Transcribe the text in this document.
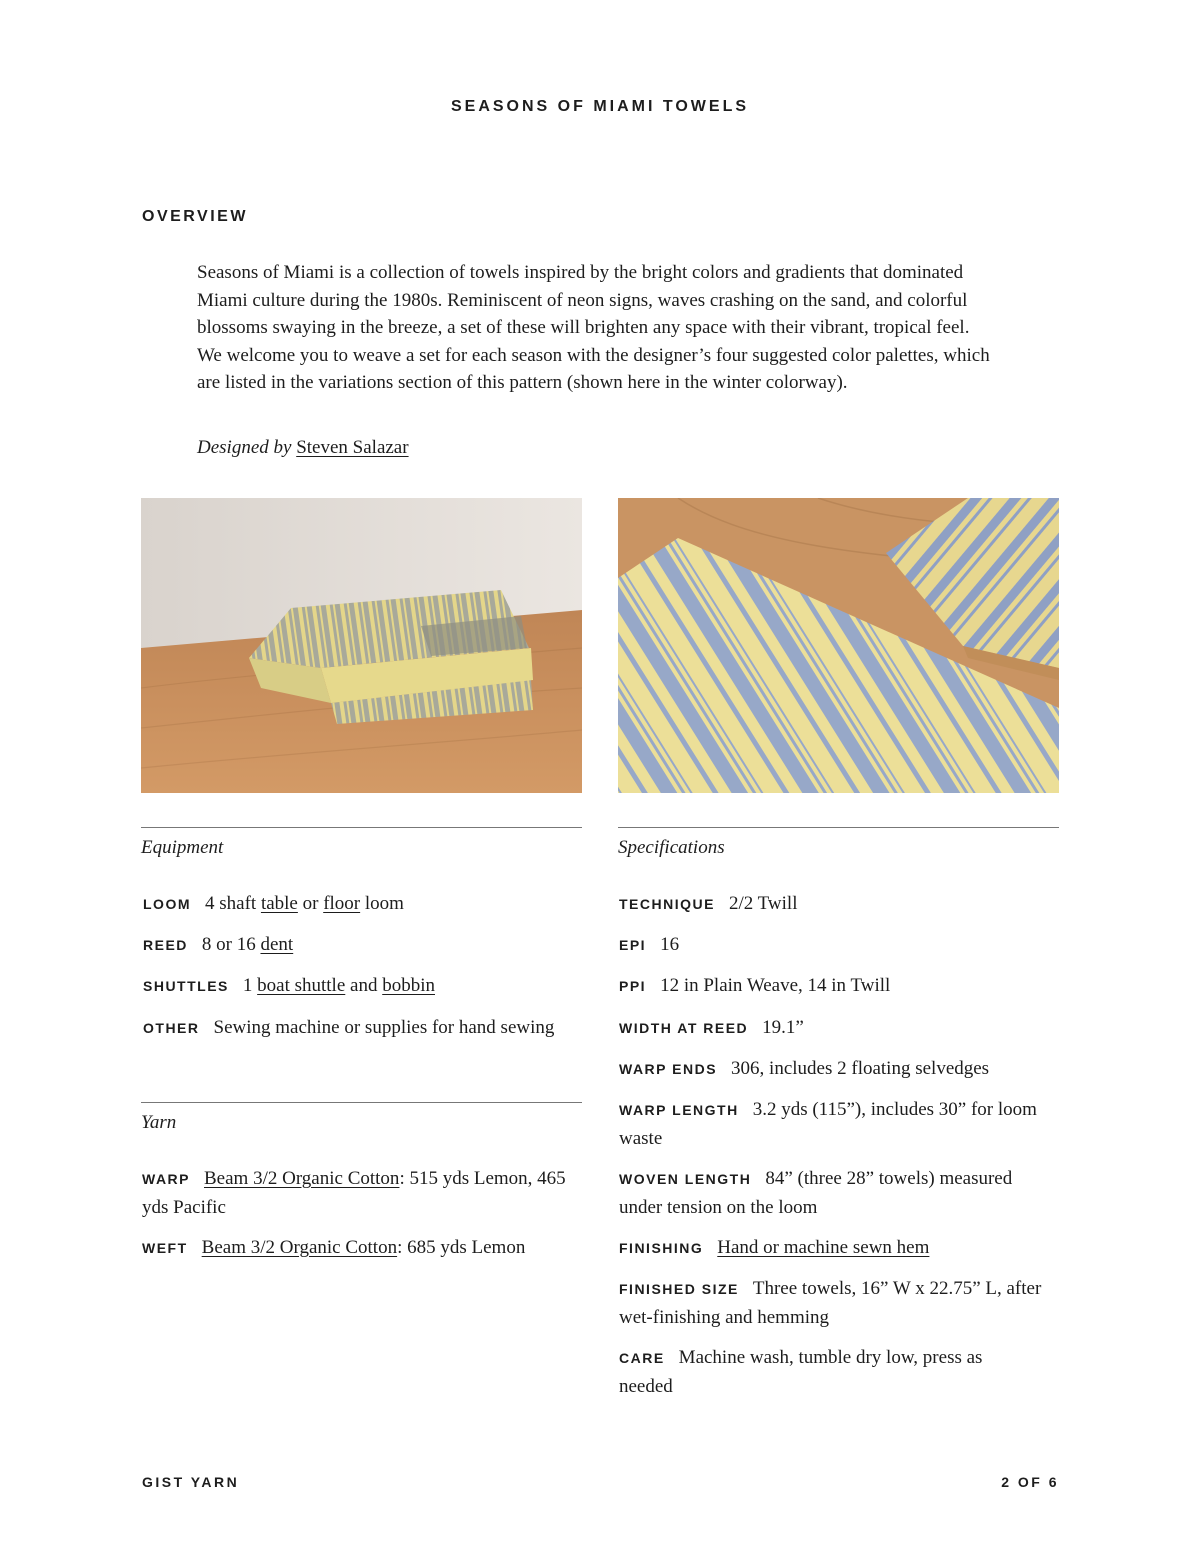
SEASONS OF MIAMI TOWELS
OVERVIEW

Seasons of Miami is a collection of towels inspired by the bright colors and gradients that dominated Miami culture during the 1980s. Reminiscent of neon signs, waves crashing on the sand, and colorful blossoms swaying in the breeze, a set of these will brighten any space with their vibrant, tropical feel. We welcome you to weave a set for each season with the designer’s four suggested color palettes, which are listed in the variations section of this pattern (shown here in the winter colorway).

Designed by Steven Salazar

Equipment

LOOM 4 shaft table or floor loom

REED 8 or 16 dent

SHUTTLES 1 boat shuttle and bobbin

OTHER Sewing machine or supplies for hand sewing

Yarn

WARP Beam 3/2 Organic Cotton: 515 yds Lemon, 465 yds Pacific

WEFT Beam 3/2 Organic Cotton: 685 yds Lemon

Specifications

TECHNIQUE 2/2 Twill

EPI 16

PPI 12 in Plain Weave, 14 in Twill

WIDTH AT REED 19.1”

WARP ENDS 306, includes 2 floating selvedges

WARP LENGTH 3.2 yds (115”), includes 30” for loom waste

WOVEN LENGTH 84” (three 28” towels) measured under tension on the loom

FINISHING Hand or machine sewn hem

FINISHED SIZE Three towels, 16” W x 22.75” L, after wet-finishing and hemming

CARE Machine wash, tumble dry low, press as needed

GIST YARN	2 OF 6
